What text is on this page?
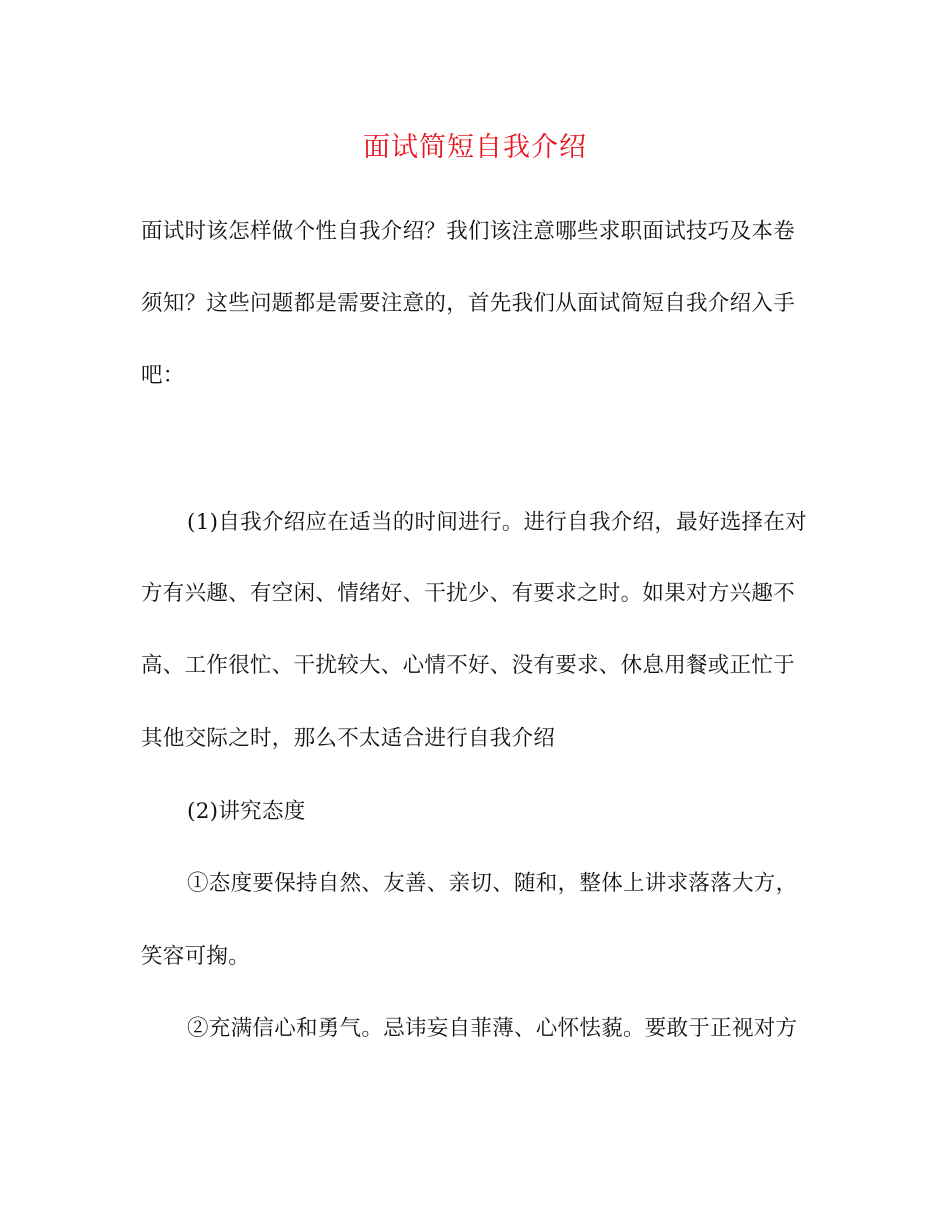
面试简短自我介绍
面试时该怎样做个性自我介绍？我们该注意哪些求职面试技巧及本卷
须知？这些问题都是需要注意的，首先我们从面试简短自我介绍入手
吧：
(1)自我介绍应在适当的时间进行。进行自我介绍，最好选择在对
方有兴趣、有空闲、情绪好、干扰少、有要求之时。如果对方兴趣不
高、工作很忙、干扰较大、心情不好、没有要求、休息用餐或正忙于
其他交际之时，那么不太适合进行自我介绍
(2)讲究态度
①态度要保持自然、友善、亲切、随和，整体上讲求落落大方，
笑容可掬。
②充满信心和勇气。忌讳妄自菲薄、心怀怯藐。要敢于正视对方
